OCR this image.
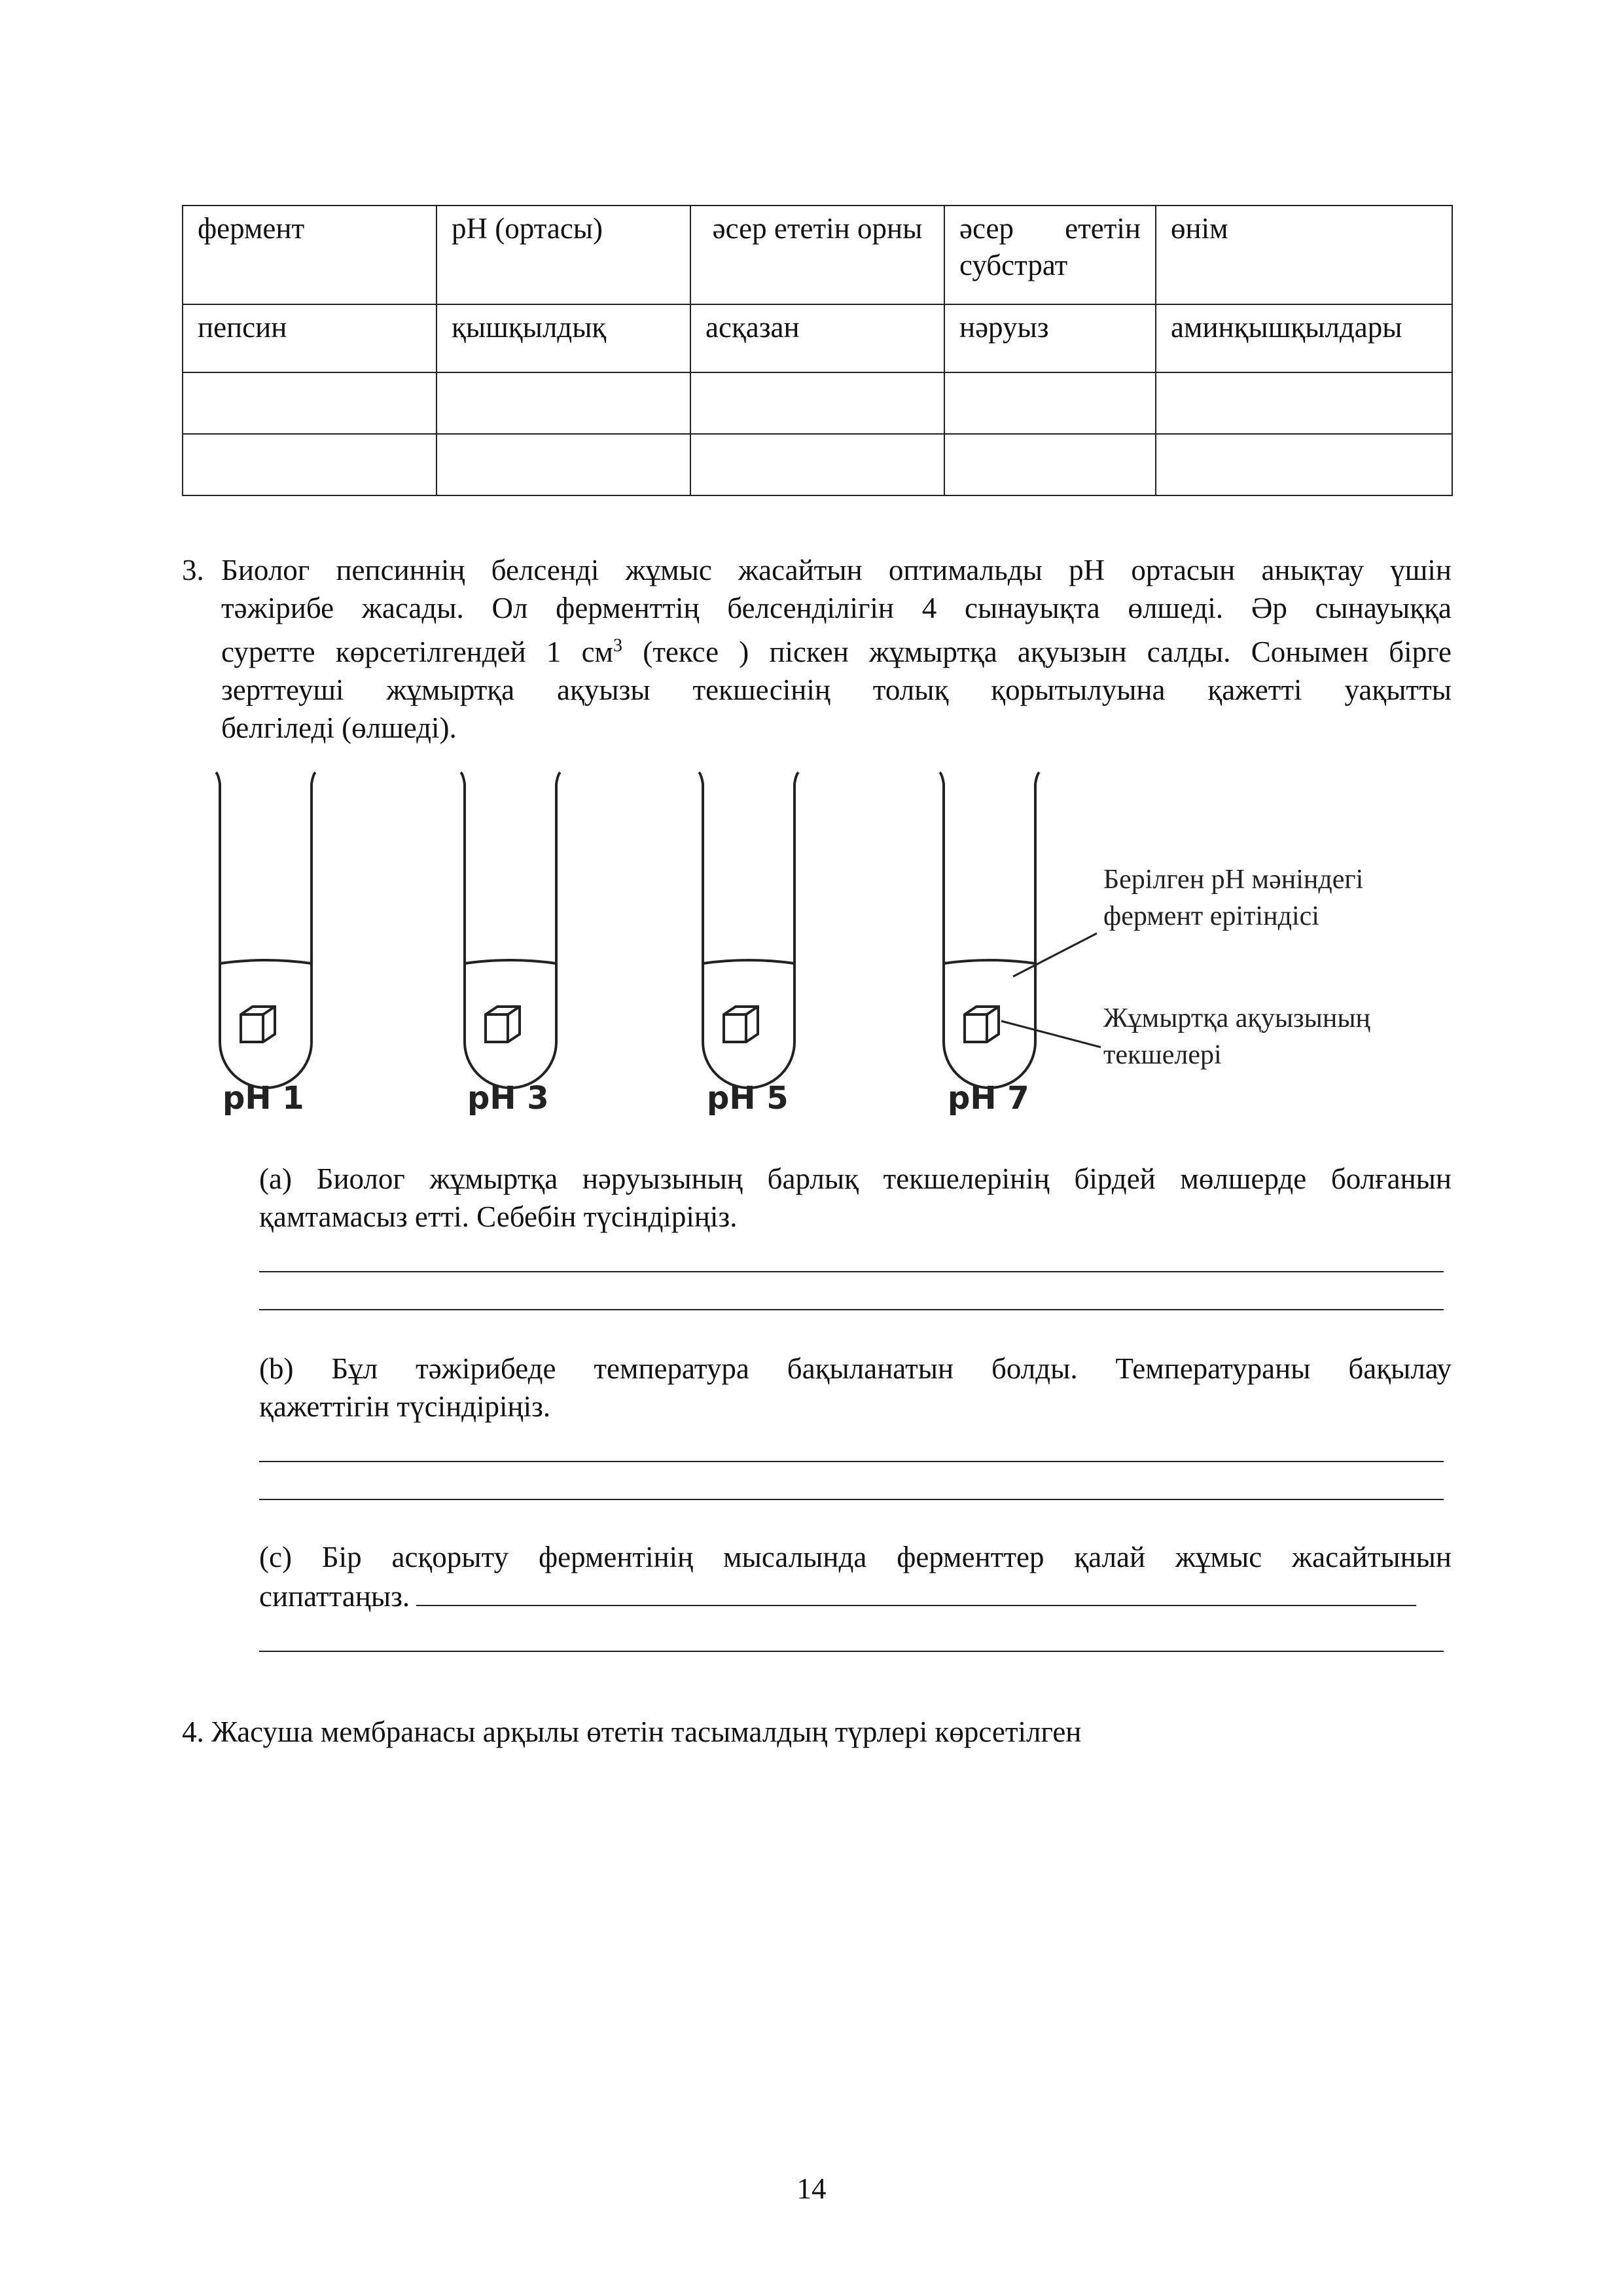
фермент	pH (ортасы)	әсер ететін орны	әсер ететін субстрат	өнім
пепсин	қышқылдық	асқазан	нәруыз	аминқышқылдары

3. Биолог пепсиннің белсенді жұмыс жасайтын оптимальды pH ортасын анықтау үшін
тәжірибе жасады. Ол ферменттің белсенділігін 4 сынауықта өлшеді. Әр сынауыққа
суретте көрсетілгендей 1 $см^3$ (тексе ) піскен жұмыртқа ақуызын салды. Сонымен бірге
зерттеуші жұмыртқа ақуызы текшесінің толық қорытылуына қажетті уақытты
белгіледі (өлшеді).
pH 1	pH 3	pH 5	pH 7
Берілген pH мәніндегі
фермент ерітіндісі
Жұмыртқа ақуызының
текшелері
(a) Биолог жұмыртқа нәруызының барлық текшелерінің бірдей мөлшерде болғанын
қамтамасыз етті. Себебін түсіндіріңіз.
(b) Бұл тәжірибеде температура бақыланатын болды. Температураны бақылау
қажеттігін түсіндіріңіз.
(c) Бір асқорыту ферментінің мысалында ферменттер қалай жұмыс жасайтынын
сипаттаңыз.
4. Жасуша мембранасы арқылы өтетін тасымалдың түрлері көрсетілген
14
